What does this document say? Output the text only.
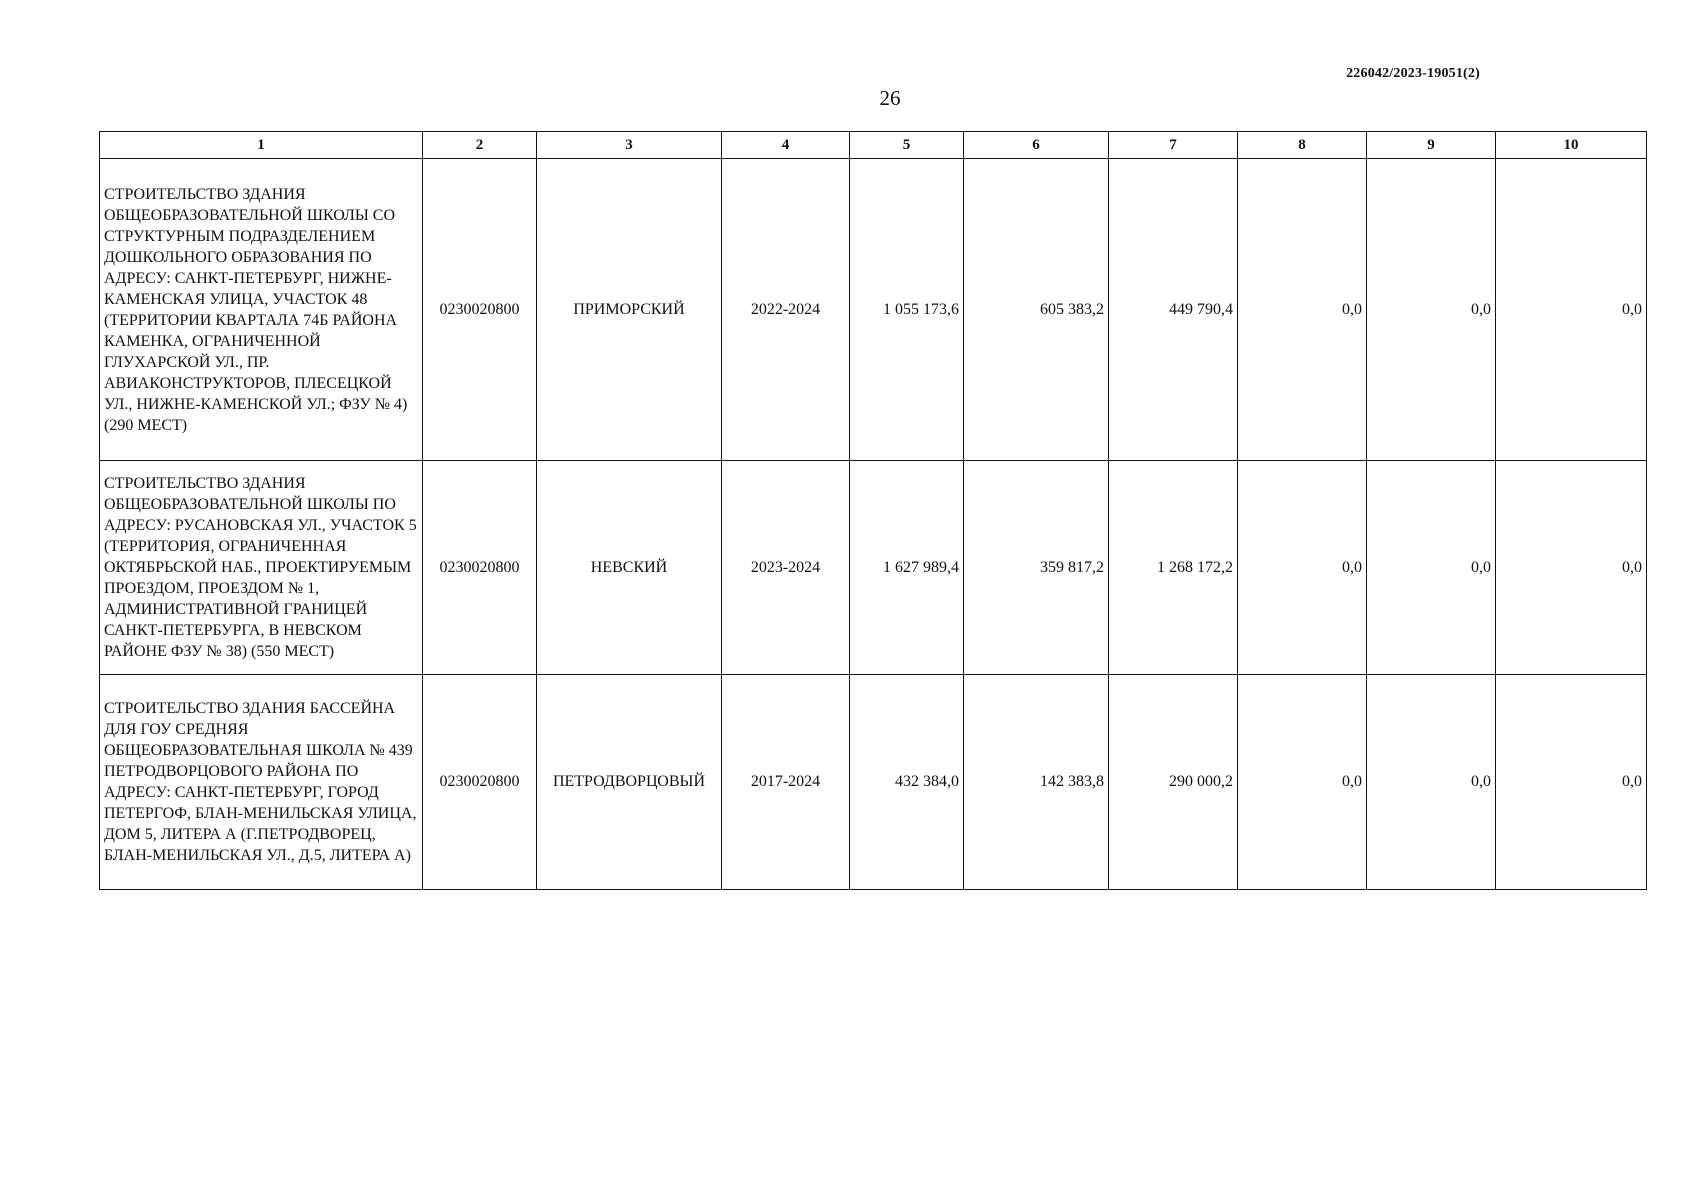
226042/2023-19051(2)
26
1	2	3	4	5	6	7	8	9	10
СТРОИТЕЛЬСТВО ЗДАНИЯ ОБЩЕОБРАЗОВАТЕЛЬНОЙ ШКОЛЫ СО СТРУКТУРНЫМ ПОДРАЗДЕЛЕНИЕМ ДОШКОЛЬНОГО ОБРАЗОВАНИЯ ПО АДРЕСУ: САНКТ-ПЕТЕРБУРГ, НИЖНЕ-КАМЕНСКАЯ УЛИЦА, УЧАСТОК 48 (ТЕРРИТОРИИ КВАРТАЛА 74Б РАЙОНА КАМЕНКА, ОГРАНИЧЕННОЙ ГЛУХАРСКОЙ УЛ., ПР. АВИАКОНСТРУКТОРОВ, ПЛЕСЕЦКОЙ УЛ., НИЖНЕ-КАМЕНСКОЙ УЛ.; ФЗУ № 4) (290 МЕСТ)	0230020800	ПРИМОРСКИЙ	2022-2024	1 055 173,6	605 383,2	449 790,4	0,0	0,0	0,0
СТРОИТЕЛЬСТВО ЗДАНИЯ ОБЩЕОБРАЗОВАТЕЛЬНОЙ ШКОЛЫ ПО АДРЕСУ: РУСАНОВСКАЯ УЛ., УЧАСТОК 5 (ТЕРРИТОРИЯ, ОГРАНИЧЕННАЯ ОКТЯБРЬСКОЙ НАБ., ПРОЕКТИРУЕМЫМ ПРОЕЗДОМ, ПРОЕЗДОМ № 1, АДМИНИСТРАТИВНОЙ ГРАНИЦЕЙ САНКТ-ПЕТЕРБУРГА, В НЕВСКОМ РАЙОНЕ ФЗУ № 38) (550 МЕСТ)	0230020800	НЕВСКИЙ	2023-2024	1 627 989,4	359 817,2	1 268 172,2	0,0	0,0	0,0
СТРОИТЕЛЬСТВО ЗДАНИЯ БАССЕЙНА ДЛЯ ГОУ СРЕДНЯЯ ОБЩЕОБРАЗОВАТЕЛЬНАЯ ШКОЛА № 439 ПЕТРОДВОРЦОВОГО РАЙОНА ПО АДРЕСУ: САНКТ-ПЕТЕРБУРГ, ГОРОД ПЕТЕРГОФ, БЛАН-МЕНИЛЬСКАЯ УЛИЦА, ДОМ 5, ЛИТЕРА А (Г.ПЕТРОДВОРЕЦ, БЛАН-МЕНИЛЬСКАЯ УЛ., Д.5, ЛИТЕРА А)	0230020800	ПЕТРОДВОРЦОВЫЙ	2017-2024	432 384,0	142 383,8	290 000,2	0,0	0,0	0,0
